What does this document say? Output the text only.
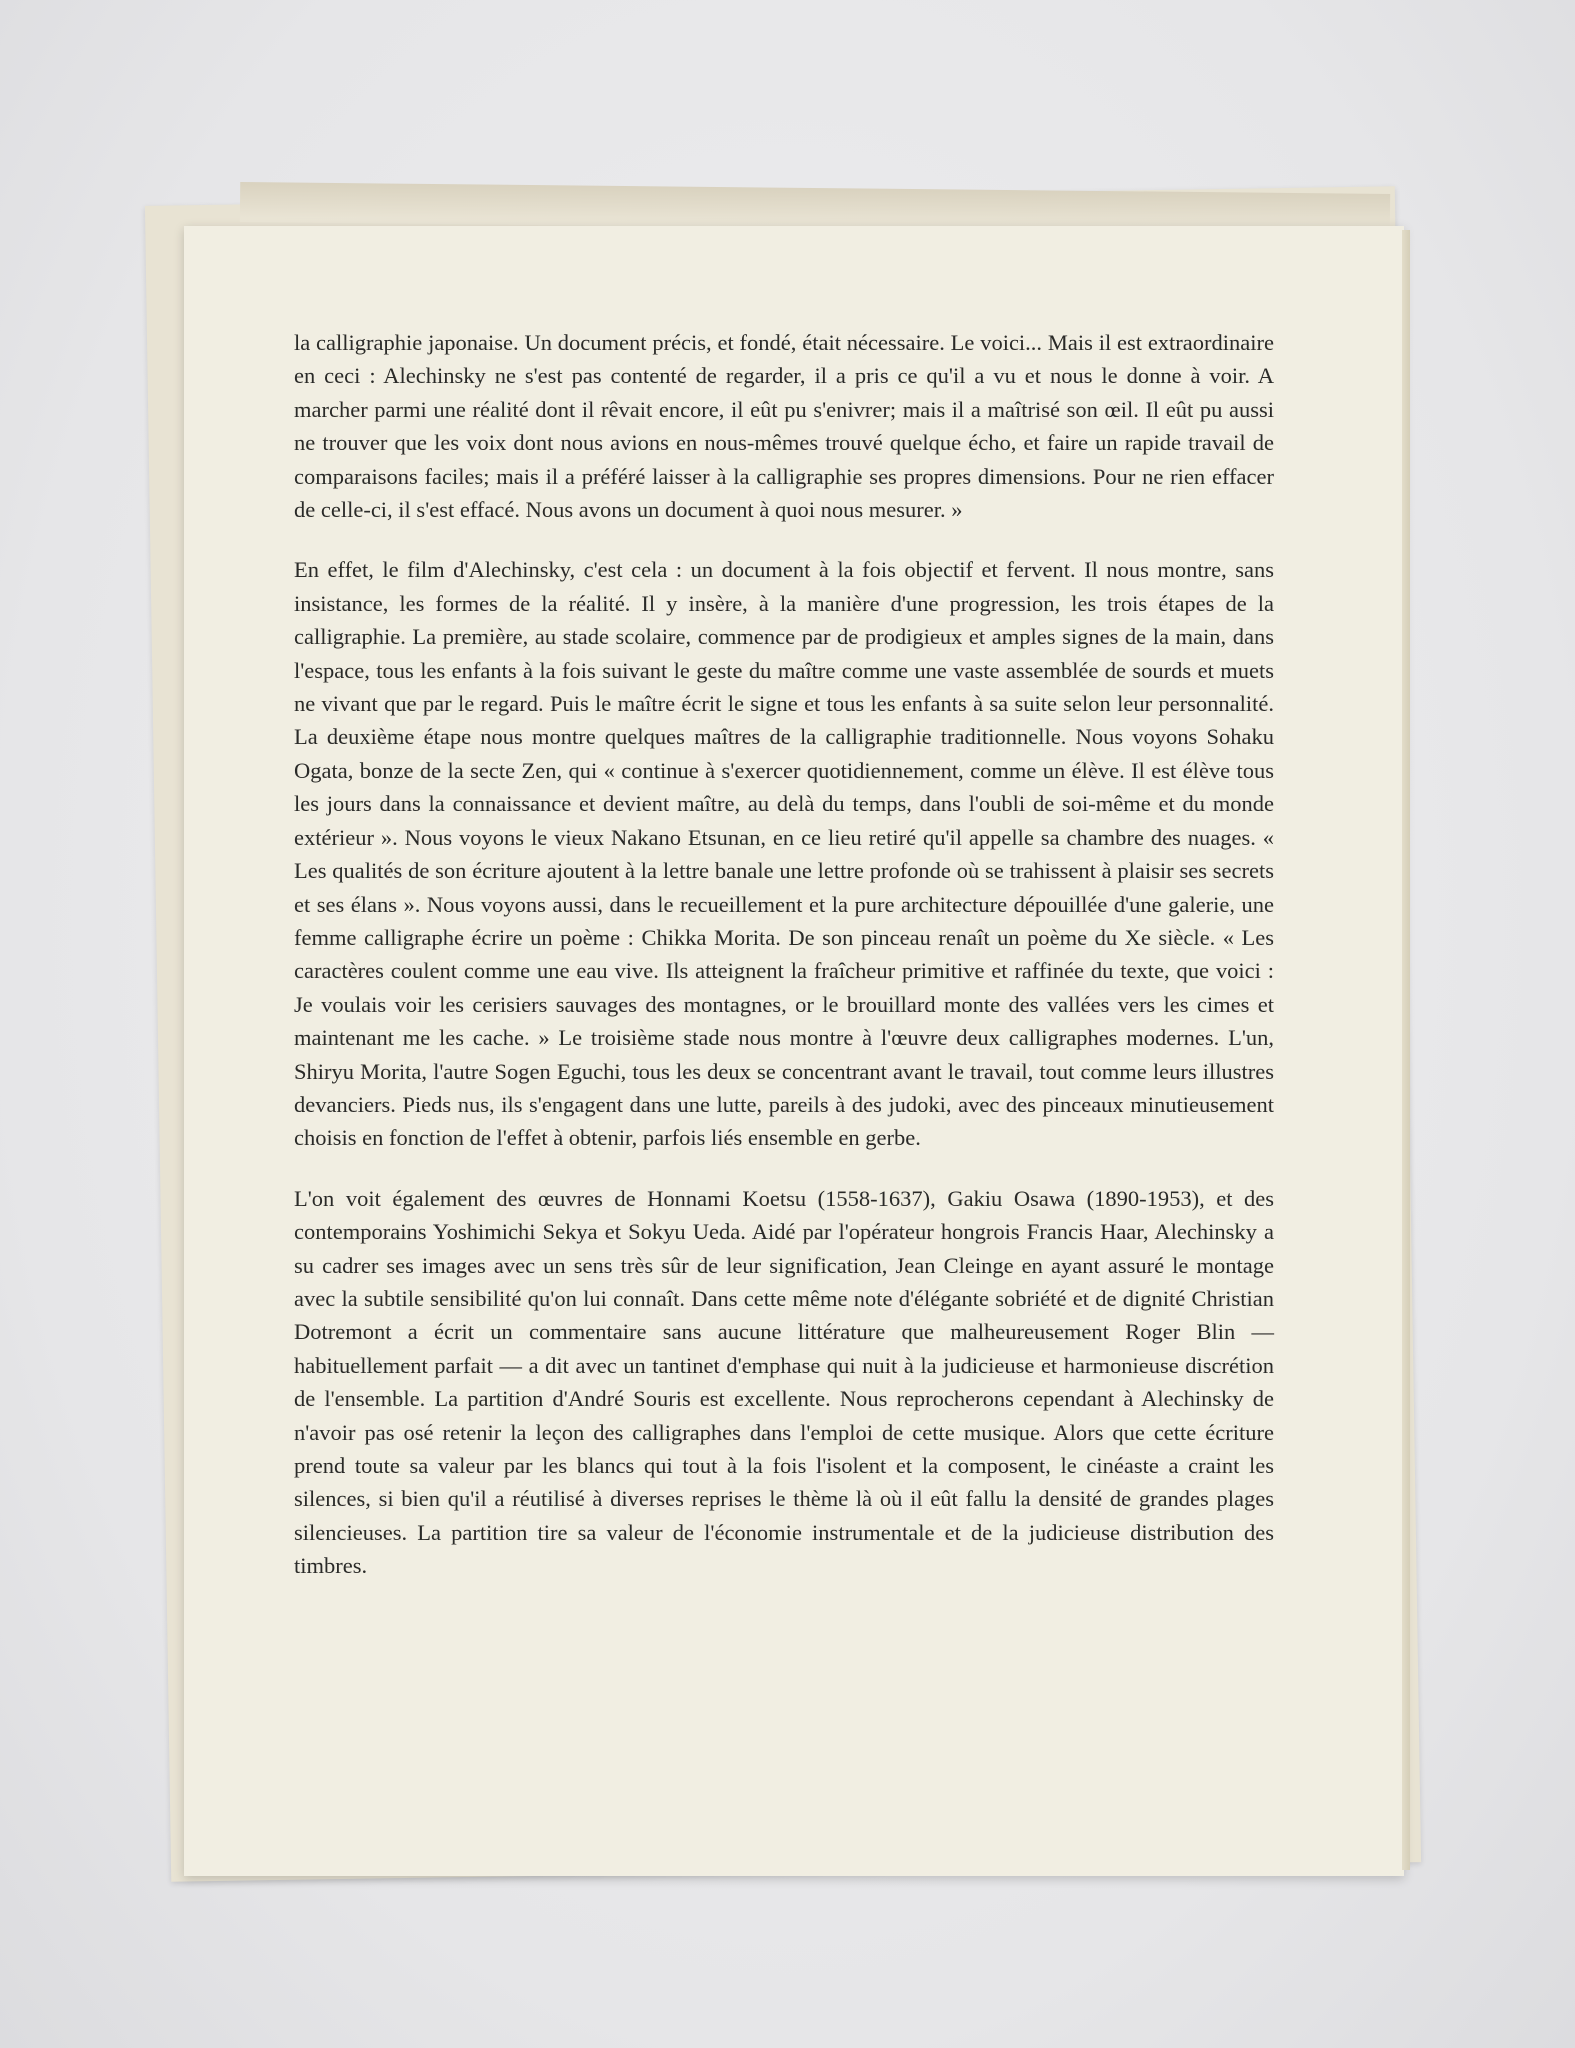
la calligraphie japonaise. Un document précis, et fondé, était nécessaire. Le voici... Mais il est extraordinaire en ceci : Alechinsky ne s'est pas contenté de regarder, il a pris ce qu'il a vu et nous le donne à voir. A marcher parmi une réalité dont il rêvait encore, il eût pu s'enivrer; mais il a maîtrisé son œil. Il eût pu aussi ne trouver que les voix dont nous avions en nous-mêmes trouvé quelque écho, et faire un rapide travail de comparaisons faciles; mais il a préféré laisser à la calligraphie ses propres dimensions. Pour ne rien effacer de celle-ci, il s'est effacé. Nous avons un document à quoi nous mesurer. »

En effet, le film d'Alechinsky, c'est cela : un document à la fois objectif et fervent. Il nous montre, sans insistance, les formes de la réalité. Il y insère, à la manière d'une progression, les trois étapes de la calligraphie. La première, au stade scolaire, commence par de prodigieux et amples signes de la main, dans l'espace, tous les enfants à la fois suivant le geste du maître comme une vaste assemblée de sourds et muets ne vivant que par le regard. Puis le maître écrit le signe et tous les enfants à sa suite selon leur personnalité. La deuxième étape nous montre quelques maîtres de la calligraphie traditionnelle. Nous voyons Sohaku Ogata, bonze de la secte Zen, qui « continue à s'exercer quotidiennement, comme un élève. Il est élève tous les jours dans la connaissance et devient maître, au delà du temps, dans l'oubli de soi-même et du monde extérieur ». Nous voyons le vieux Nakano Etsunan, en ce lieu retiré qu'il appelle sa chambre des nuages. « Les qualités de son écriture ajoutent à la lettre banale une lettre profonde où se trahissent à plaisir ses secrets et ses élans ». Nous voyons aussi, dans le recueillement et la pure architecture dépouillée d'une galerie, une femme calligraphe écrire un poème : Chikka Morita. De son pinceau renaît un poème du Xe siècle. « Les caractères coulent comme une eau vive. Ils atteignent la fraîcheur primitive et raffinée du texte, que voici : Je voulais voir les cerisiers sauvages des montagnes, or le brouillard monte des vallées vers les cimes et maintenant me les cache. » Le troisième stade nous montre à l'œuvre deux calligraphes modernes. L'un, Shiryu Morita, l'autre Sogen Eguchi, tous les deux se concentrant avant le travail, tout comme leurs illustres devanciers. Pieds nus, ils s'engagent dans une lutte, pareils à des judoki, avec des pinceaux minutieusement choisis en fonction de l'effet à obtenir, parfois liés ensemble en gerbe.

L'on voit également des œuvres de Honnami Koetsu (1558-1637), Gakiu Osawa (1890-1953), et des contemporains Yoshimichi Sekya et Sokyu Ueda. Aidé par l'opérateur hongrois Francis Haar, Alechinsky a su cadrer ses images avec un sens très sûr de leur signification, Jean Cleinge en ayant assuré le montage avec la subtile sensibilité qu'on lui connaît. Dans cette même note d'élégante sobriété et de dignité Christian Dotremont a écrit un commentaire sans aucune littérature que malheureusement Roger Blin — habituellement parfait — a dit avec un tantinet d'emphase qui nuit à la judicieuse et harmonieuse discrétion de l'ensemble. La partition d'André Souris est excellente. Nous reprocherons cependant à Alechinsky de n'avoir pas osé retenir la leçon des calligraphes dans l'emploi de cette musique. Alors que cette écriture prend toute sa valeur par les blancs qui tout à la fois l'isolent et la composent, le cinéaste a craint les silences, si bien qu'il a réutilisé à diverses reprises le thème là où il eût fallu la densité de grandes plages silencieuses. La partition tire sa valeur de l'économie instrumentale et de la judicieuse distribution des timbres.
